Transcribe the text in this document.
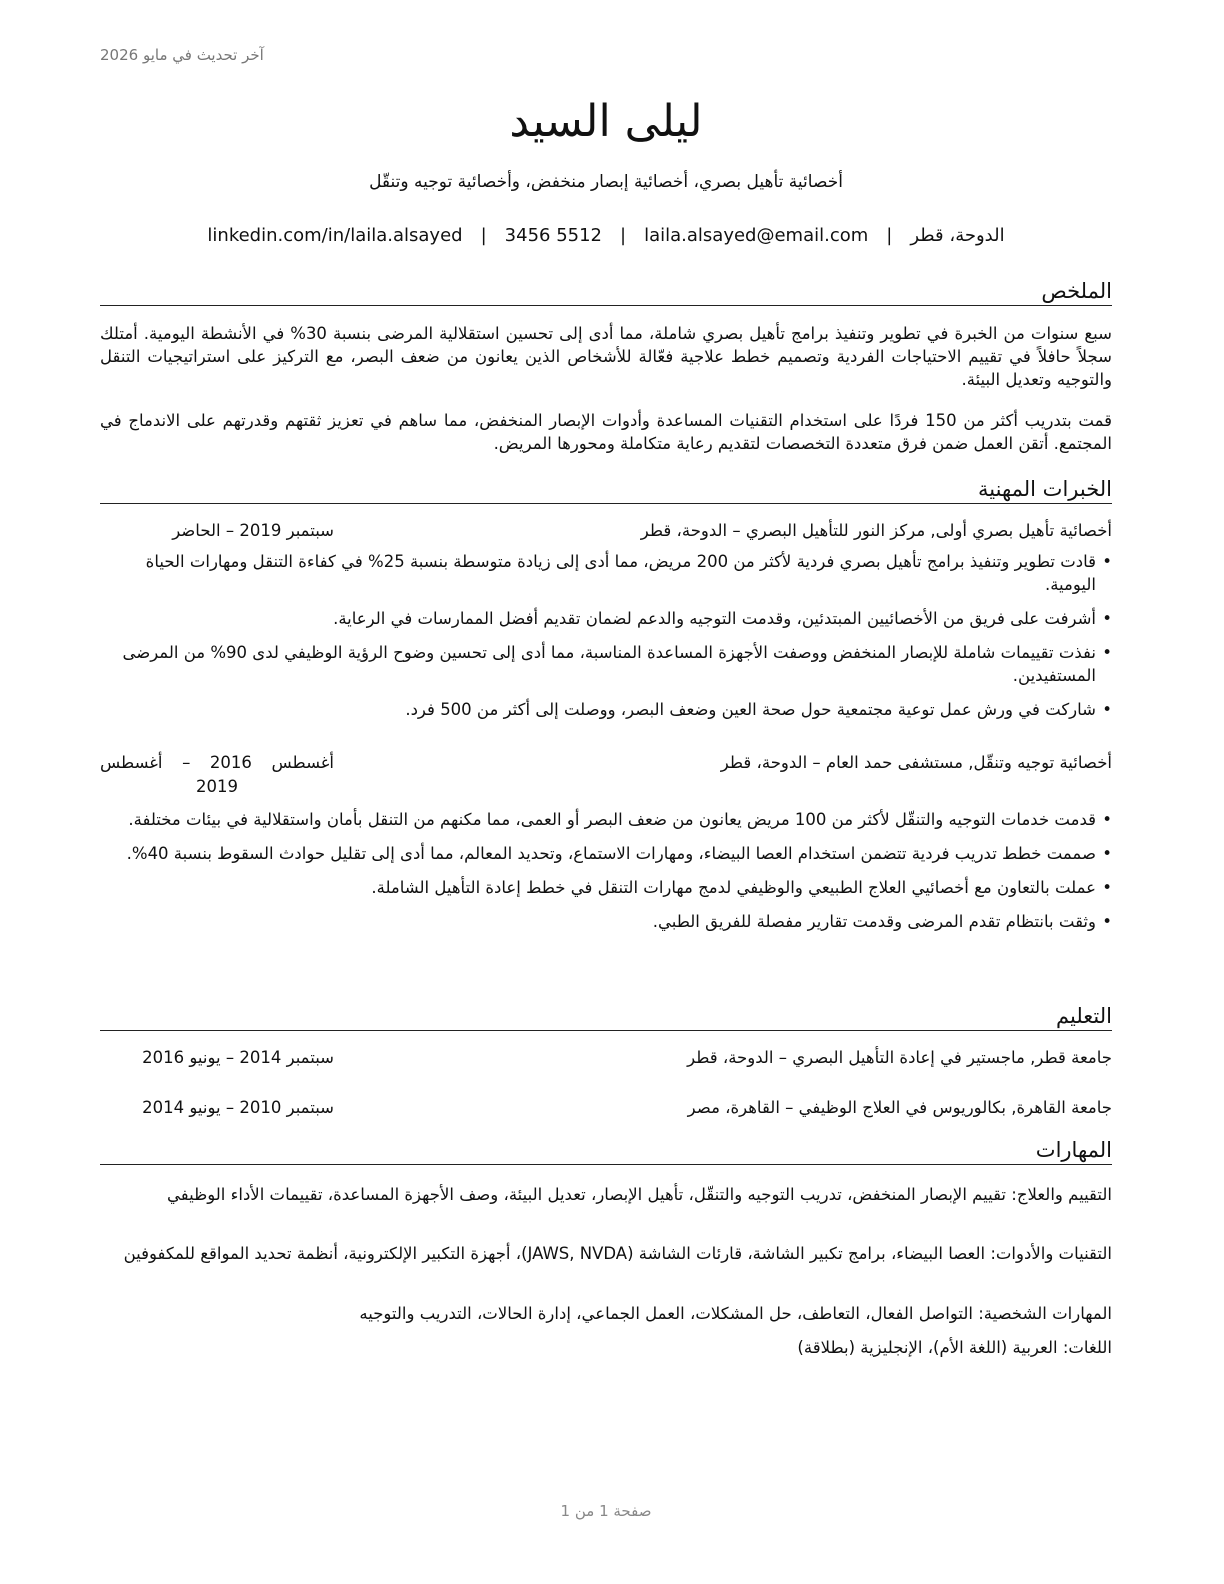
آخر تحديث في مايو 2026
ليلى السيد
أخصائية تأهيل بصري، أخصائية إبصار منخفض، وأخصائية توجيه وتنقّل
الدوحة، قطر
|
laila.alsayed@email.com
|
3456 5512
|
linkedin.com/in/laila.alsayed
الملخص

سبع سنوات من الخبرة في تطوير وتنفيذ برامج تأهيل بصري شاملة، مما أدى إلى تحسين استقلالية المرضى بنسبة 30% في الأنشطة اليومية. أمتلك سجلاً حافلاً في تقييم الاحتياجات الفردية وتصميم خطط علاجية فعّالة للأشخاص الذين يعانون من ضعف البصر، مع التركيز على استراتيجيات التنقل والتوجيه وتعديل البيئة.

قمت بتدريب أكثر من 150 فردًا على استخدام التقنيات المساعدة وأدوات الإبصار المنخفض، مما ساهم في تعزيز ثقتهم وقدرتهم على الاندماج في المجتمع. أتقن العمل ضمن فرق متعددة التخصصات لتقديم رعاية متكاملة ومحورها المريض.

الخبرات المهنية
أخصائية تأهيل بصري أولى, مركز النور للتأهيل البصري – الدوحة، قطر
سبتمبر 2019 – الحاضر
• قادت تطوير وتنفيذ برامج تأهيل بصري فردية لأكثر من 200 مريض، مما أدى إلى زيادة متوسطة بنسبة 25% في كفاءة التنقل ومهارات الحياة اليومية.
• أشرفت على فريق من الأخصائيين المبتدئين، وقدمت التوجيه والدعم لضمان تقديم أفضل الممارسات في الرعاية.
• نفذت تقييمات شاملة للإبصار المنخفض ووصفت الأجهزة المساعدة المناسبة، مما أدى إلى تحسين وضوح الرؤية الوظيفي لدى 90% من المرضى المستفيدين.
• شاركت في ورش عمل توعية مجتمعية حول صحة العين وضعف البصر، ووصلت إلى أكثر من 500 فرد.
أخصائية توجيه وتنقّل, مستشفى حمد العام – الدوحة، قطر
أغسطس 2016 – أغسطس 2019
• قدمت خدمات التوجيه والتنقّل لأكثر من 100 مريض يعانون من ضعف البصر أو العمى، مما مكنهم من التنقل بأمان واستقلالية في بيئات مختلفة.
• صممت خطط تدريب فردية تتضمن استخدام العصا البيضاء، ومهارات الاستماع، وتحديد المعالم، مما أدى إلى تقليل حوادث السقوط بنسبة 40%.
• عملت بالتعاون مع أخصائيي العلاج الطبيعي والوظيفي لدمج مهارات التنقل في خطط إعادة التأهيل الشاملة.
• وثقت بانتظام تقدم المرضى وقدمت تقارير مفصلة للفريق الطبي.
التعليم
جامعة قطر, ماجستير في إعادة التأهيل البصري – الدوحة، قطر
سبتمبر 2014 – يونيو 2016
جامعة القاهرة, بكالوريوس في العلاج الوظيفي – القاهرة، مصر
سبتمبر 2010 – يونيو 2014
المهارات

التقييم والعلاج: تقييم الإبصار المنخفض، تدريب التوجيه والتنقّل، تأهيل الإبصار، تعديل البيئة، وصف الأجهزة المساعدة، تقييمات الأداء الوظيفي

التقنيات والأدوات: العصا البيضاء، برامج تكبير الشاشة، قارئات الشاشة (JAWS, NVDA)، أجهزة التكبير الإلكترونية، أنظمة تحديد المواقع للمكفوفين

المهارات الشخصية: التواصل الفعال، التعاطف، حل المشكلات، العمل الجماعي، إدارة الحالات، التدريب والتوجيه

اللغات: العربية (اللغة الأم)، الإنجليزية (بطلاقة)

صفحة 1 من 1
